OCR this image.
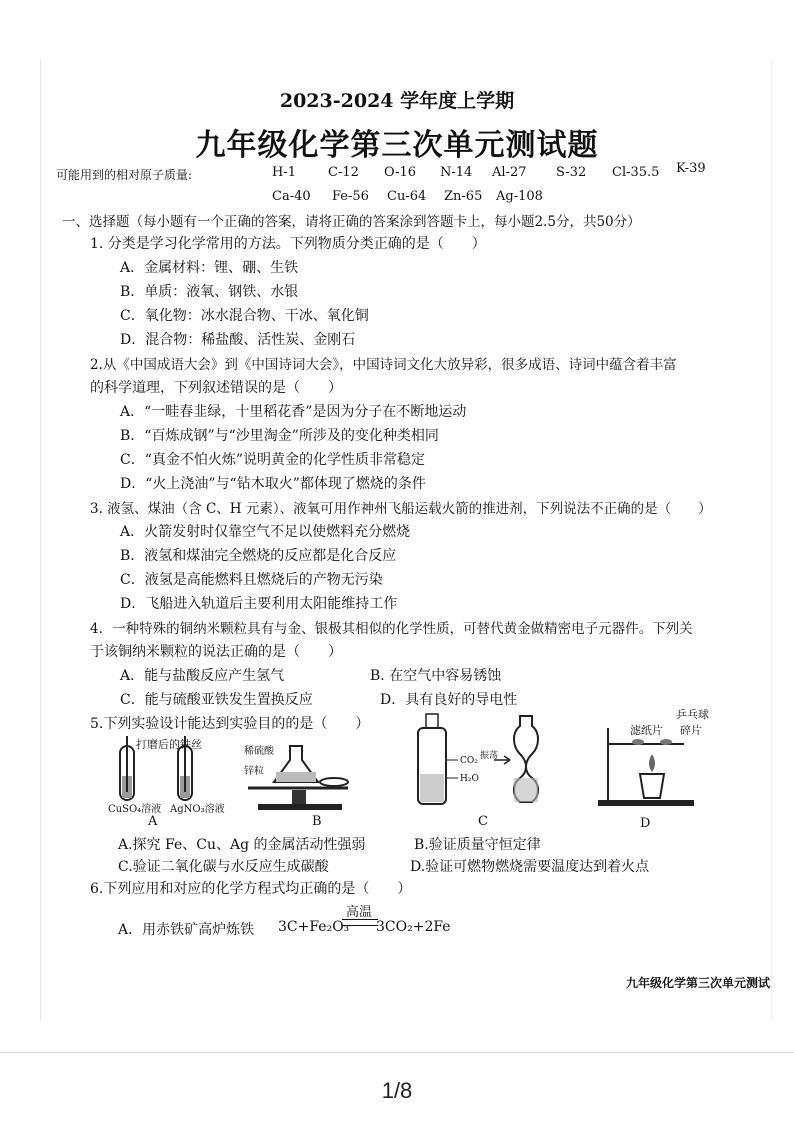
2023-2024 学年度上学期
九年级化学第三次单元测试题
可能用到的相对原子质量:	H-1 C-12 O-16 N-14 Al-27 S-32 Cl-35.5 K-39
Ca-40 Fe-56 Cu-64 Zn-65 Ag-108
一、选择题（每小题有一个正确的答案，请将正确的答案涂到答题卡上，每小题2.5分，共50分）
1. 分类是学习化学常用的方法。下列物质分类正确的是（　　）
A．金属材料：锂、硼、生铁
B．单质：液氧、钢铁、水银
C．氧化物：冰水混合物、干冰、氧化铜
D．混合物：稀盐酸、活性炭、金刚石
2.从《中国成语大会》到《中国诗词大会》，中国诗词文化大放异彩，很多成语、诗词中蕴含着丰富
的科学道理，下列叙述错误的是（　　）
A．“一畦春韭绿，十里稻花香”是因为分子在不断地运动
B．“百炼成钢”与“沙里淘金”所涉及的变化种类相同
C．“真金不怕火炼”说明黄金的化学性质非常稳定
D．“火上浇油”与“钻木取火”都体现了燃烧的条件
3. 液氢、煤油（含 C、H 元素）、液氧可用作神州飞船运载火箭的推进剂，下列说法不正确的是（　　）
A．火箭发射时仅靠空气不足以使燃料充分燃烧
B．液氢和煤油完全燃烧的反应都是化合反应
C．液氢是高能燃料且燃烧后的产物无污染
D．飞船进入轨道后主要利用太阳能维持工作
4．一种特殊的铜纳米颗粒具有与金、银极其相似的化学性质，可替代黄金做精密电子元器件。下列关
于该铜纳米颗粒的说法正确的是（　　）
A．能与盐酸反应产生氢气	B. 在空气中容易锈蚀
C．能与硫酸亚铁发生置换反应	D．具有良好的导电性
5.下列实验设计能达到实验目的的是（　　）
打磨后的铁丝
CuSO₄溶液 AgNO₃溶液
稀硫酸
锌粒
CO₂
H₂O
振荡
滤纸片
乒乓球
碎片
A	B	C	D
A.探究 Fe、Cu、Ag 的金属活动性强弱	B.验证质量守恒定律
C.验证二氧化碳与水反应生成碳酸	D.验证可燃物燃烧需要温度达到着火点
6.下列应用和对应的化学方程式均正确的是（　　）
A．用赤铁矿高炉炼铁 3C+Fe₂O₃
高温
3CO₂+2Fe
九年级化学第三次单元测试
1/8
